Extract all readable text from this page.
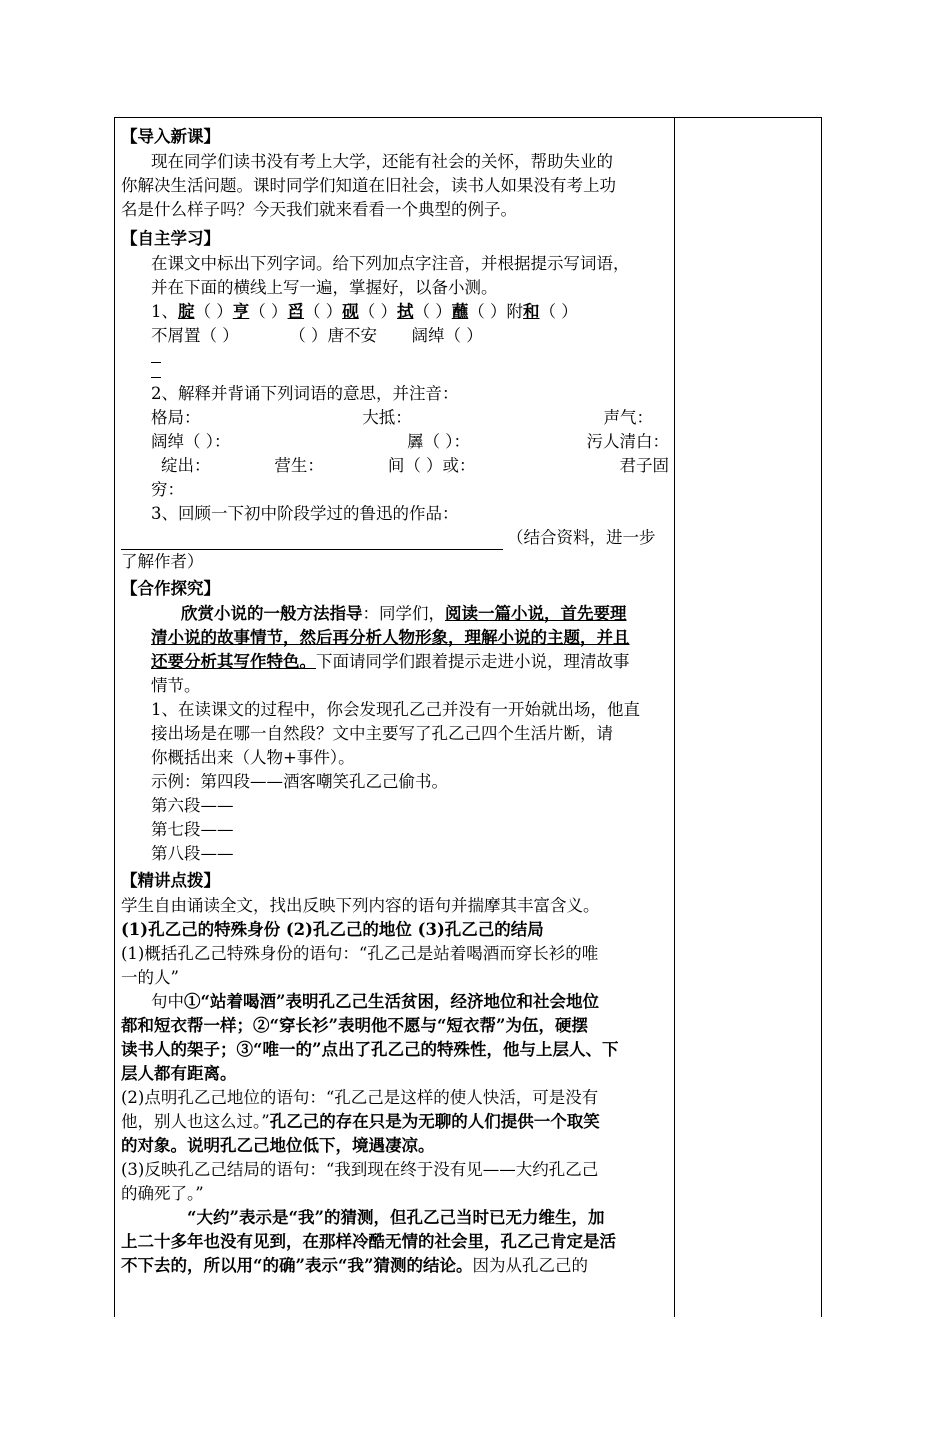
【导入新课】
现在同学们读书没有考上大学，还能有社会的关怀，帮助失业的
你解决生活问题。课时同学们知道在旧社会，读书人如果没有考上功
名是什么样子吗？今天我们就来看看一个典型的例子。
【自主学习】
在课文中标出下列字词。给下列加点字注音，并根据提示写词语，
并在下面的横线上写一遍，掌握好，以备小测。
1、腚（ ）亨（ ）舀（ ）砚（ ）拭（ ）蘸（ ）附和（ ）
不屑置（ ）	（ ）唐不安 阔绰（ ）
2、解释并背诵下列词语的意思，并注音：
格局：	大抵：	声气：
阔绰（ ）：	羼（ ）：	污人清白：
绽出：	营生：	间（ ）或：	君子固
穷：
3、回顾一下初中阶段学过的鲁迅的作品：
（结合资料，进一步
了解作者）
【合作探究】
欣赏小说的一般方法指导：同学们，阅读一篇小说，首先要理
清小说的故事情节，然后再分析人物形象，理解小说的主题，并且
还要分析其写作特色。下面请同学们跟着提示走进小说，理清故事
情节。
1、在读课文的过程中，你会发现孔乙己并没有一开始就出场，他直
接出场是在哪一自然段？文中主要写了孔乙己四个生活片断，请
你概括出来（人物+事件）。
示例：第四段——酒客嘲笑孔乙己偷书。
第六段——
第七段——
第八段——
【精讲点拨】
学生自由诵读全文，找出反映下列内容的语句并揣摩其丰富含义。
(1)孔乙己的特殊身份 (2)孔乙己的地位 (3)孔乙己的结局
(1)概括孔乙己特殊身份的语句：“孔乙己是站着喝酒而穿长衫的唯
一的人”
句中①“站着喝酒”表明孔乙己生活贫困，经济地位和社会地位
都和短衣帮一样；②“穿长衫”表明他不愿与“短衣帮”为伍，硬摆
读书人的架子；③“唯一的”点出了孔乙己的特殊性，他与上层人、下
层人都有距离。
(2)点明孔乙己地位的语句：“孔乙己是这样的使人快活，可是没有
他，别人也这么过。”孔乙己的存在只是为无聊的人们提供一个取笑
的对象。说明孔乙己地位低下，境遇凄凉。
(3)反映孔乙己结局的语句：“我到现在终于没有见——大约孔乙己
的确死了。”
“大约”表示是“我”的猜测，但孔乙己当时已无力维生，加
上二十多年也没有见到，在那样冷酷无情的社会里，孔乙己肯定是活
不下去的，所以用“的确”表示“我”猜测的结论。因为从孔乙己的
